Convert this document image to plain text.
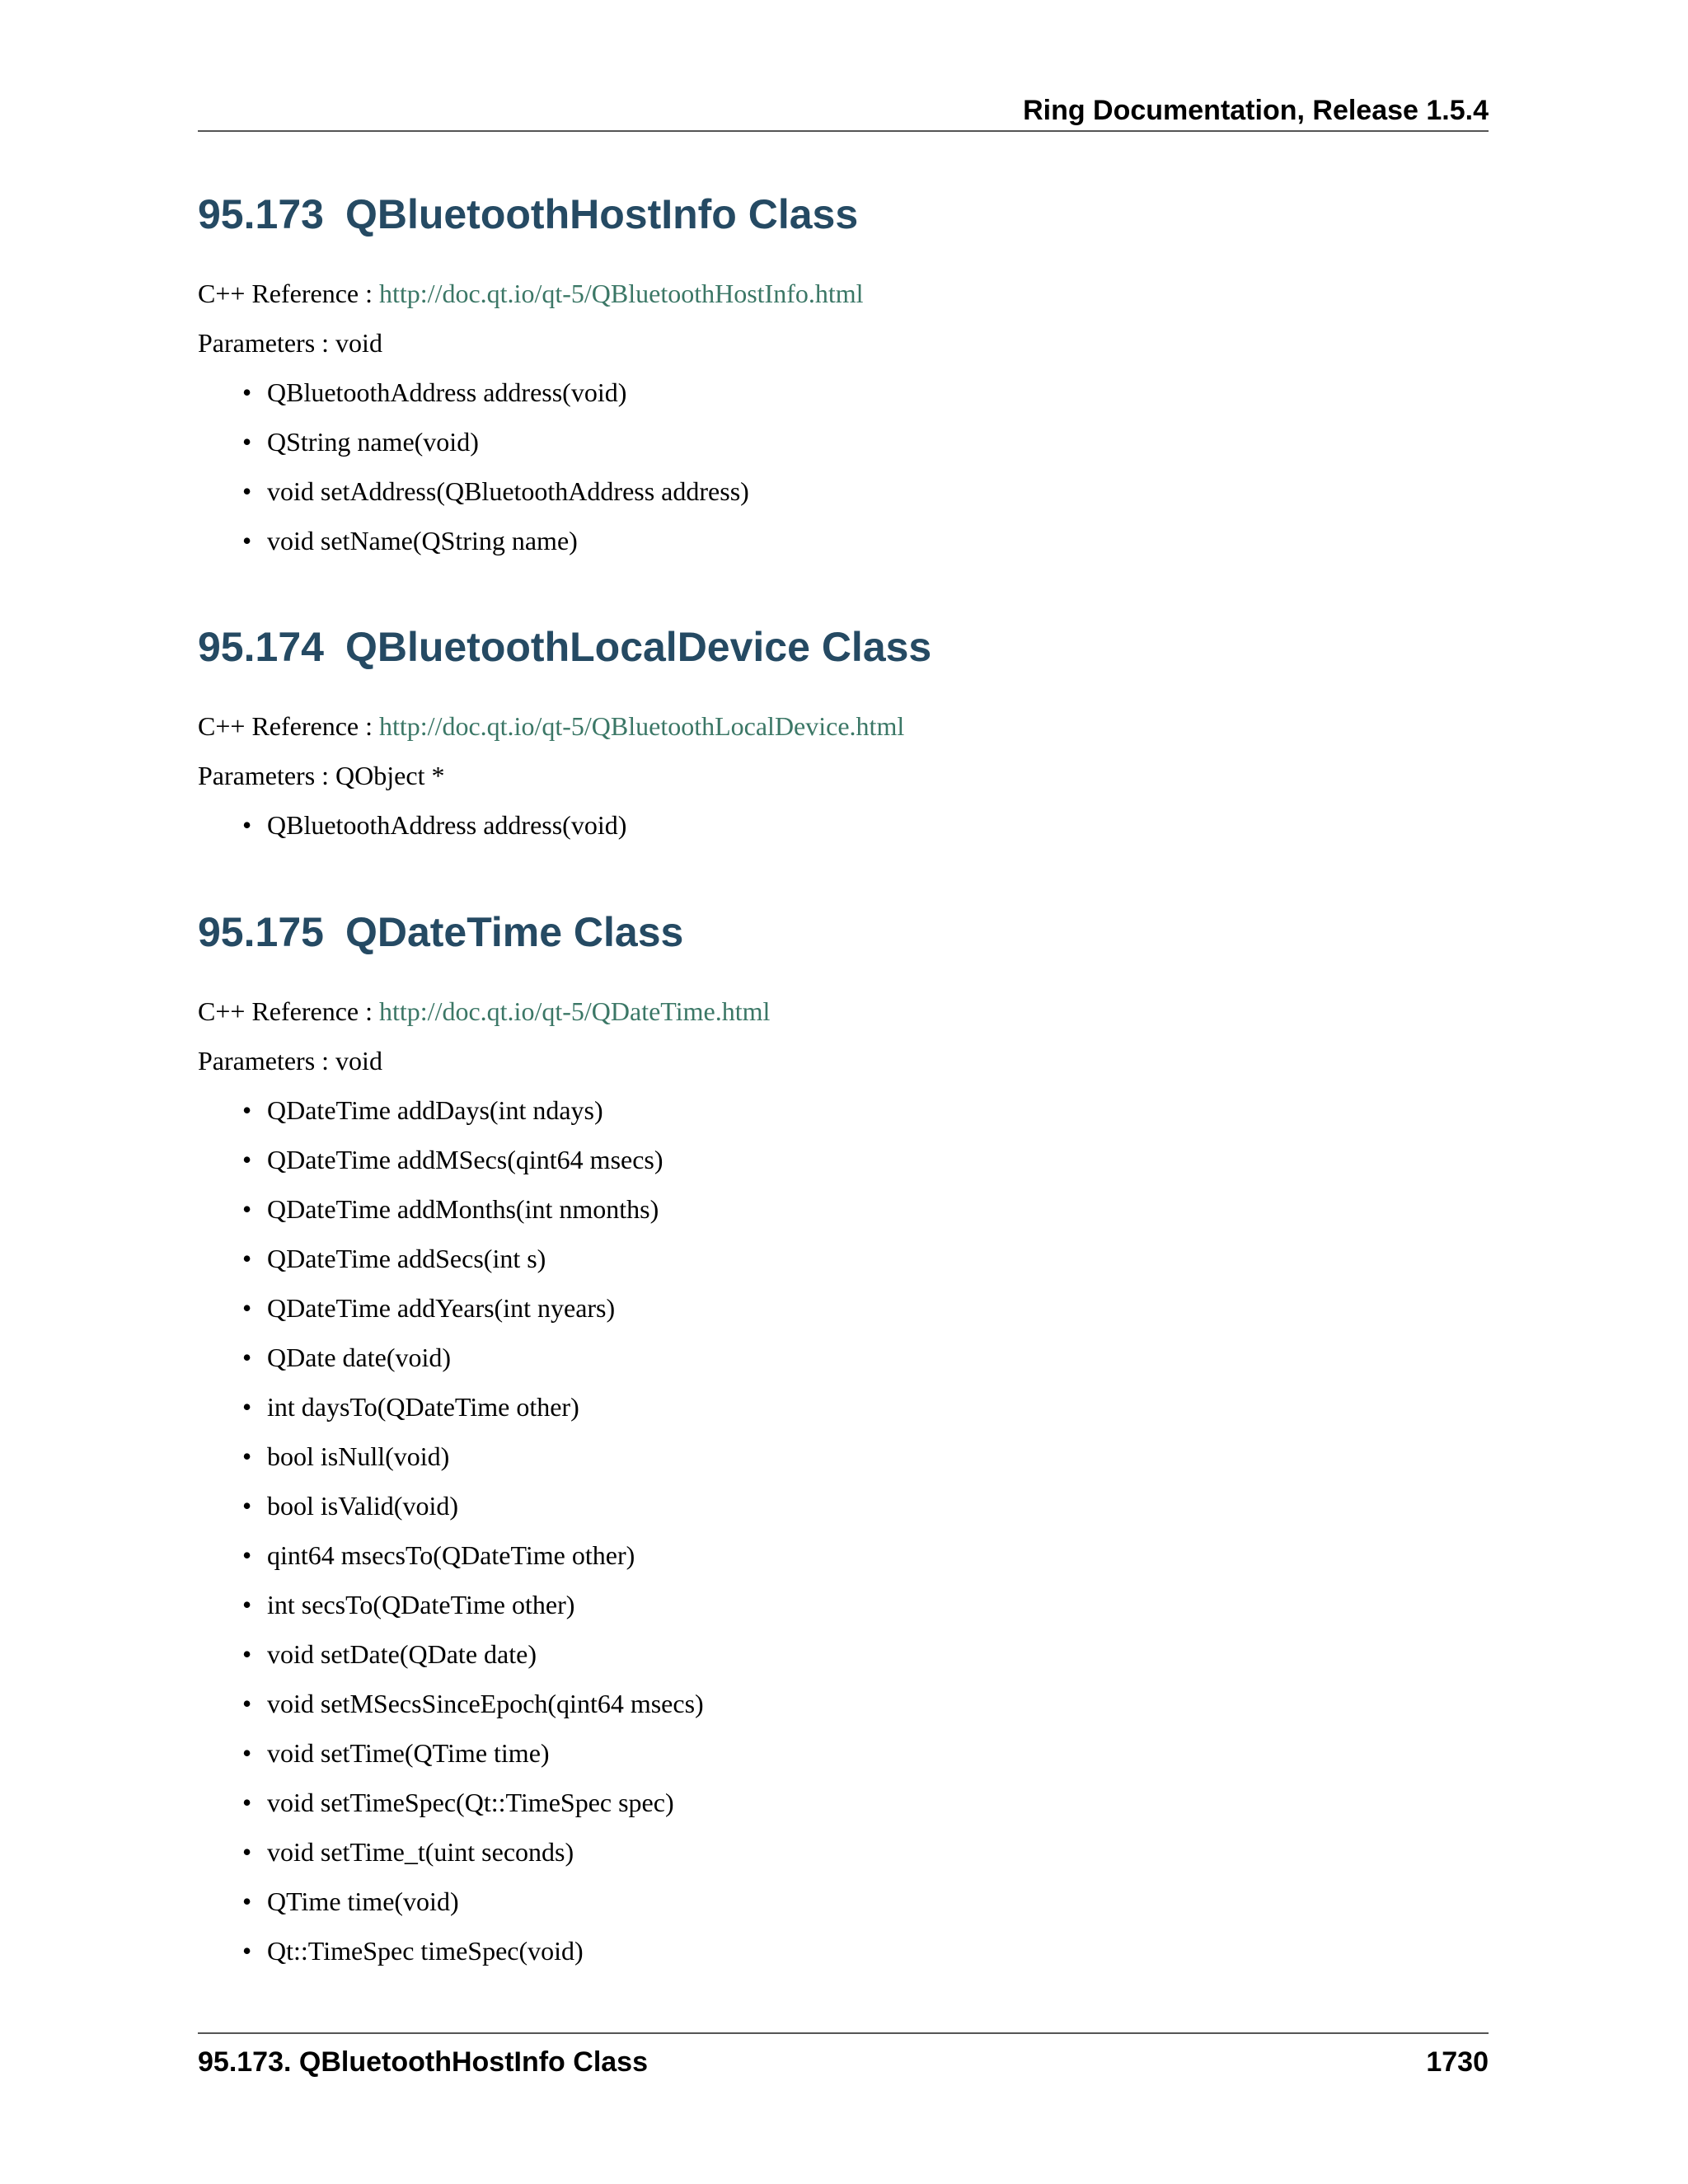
Ring Documentation, Release 1.5.4
95.173 QBluetoothHostInfo Class
C++ Reference : http://doc.qt.io/qt-5/QBluetoothHostInfo.html
Parameters : void
• QBluetoothAddress address(void)
• QString name(void)
• void setAddress(QBluetoothAddress address)
• void setName(QString name)
95.174 QBluetoothLocalDevice Class
C++ Reference : http://doc.qt.io/qt-5/QBluetoothLocalDevice.html
Parameters : QObject *
• QBluetoothAddress address(void)
95.175 QDateTime Class
C++ Reference : http://doc.qt.io/qt-5/QDateTime.html
Parameters : void
• QDateTime addDays(int ndays)
• QDateTime addMSecs(qint64 msecs)
• QDateTime addMonths(int nmonths)
• QDateTime addSecs(int s)
• QDateTime addYears(int nyears)
• QDate date(void)
• int daysTo(QDateTime other)
• bool isNull(void)
• bool isValid(void)
• qint64 msecsTo(QDateTime other)
• int secsTo(QDateTime other)
• void setDate(QDate date)
• void setMSecsSinceEpoch(qint64 msecs)
• void setTime(QTime time)
• void setTimeSpec(Qt::TimeSpec spec)
• void setTime_t(uint seconds)
• QTime time(void)
• Qt::TimeSpec timeSpec(void)
95.173. QBluetoothHostInfo Class	1730
